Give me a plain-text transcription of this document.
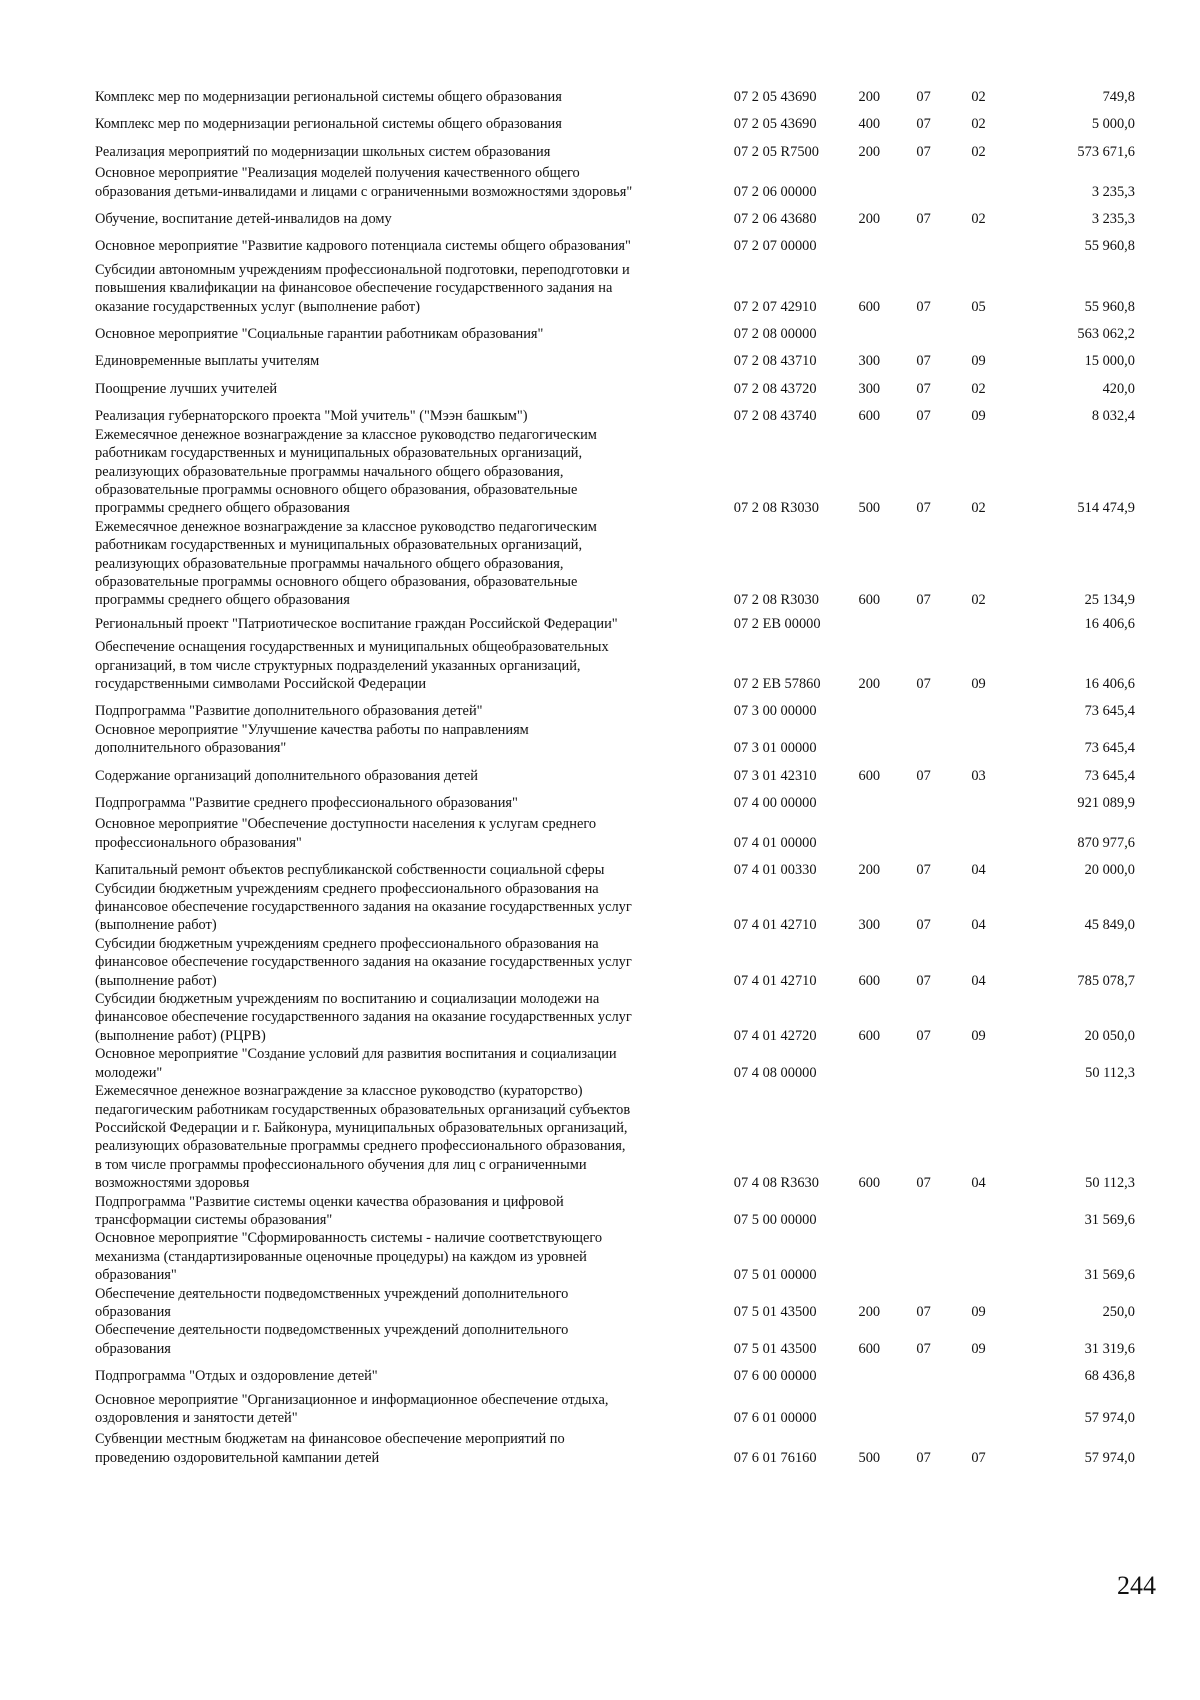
Комплекс мер по модернизации региональной системы общего образования	07 2 05 43690	200	07	02	749,8
Комплекс мер по модернизации региональной системы общего образования	07 2 05 43690	400	07	02	5 000,0
Реализация мероприятий по модернизации школьных систем образования	07 2 05 R7500	200	07	02	573 671,6
Основное мероприятие "Реализация моделей получения качественного общего
образования детьми-инвалидами и лицами с ограниченными возможностями здоровья"	07 2 06 00000	3 235,3
Обучение, воспитание детей-инвалидов на дому	07 2 06 43680	200	07	02	3 235,3
Основное мероприятие "Развитие кадрового потенциала системы общего образования"	07 2 07 00000	55 960,8
Субсидии автономным учреждениям профессиональной подготовки, переподготовки и
повышения квалификации на финансовое обеспечение государственного задания на
оказание государственных услуг (выполнение работ)	07 2 07 42910	600	07	05	55 960,8
Основное мероприятие "Социальные гарантии работникам образования"	07 2 08 00000	563 062,2
Единовременные выплаты учителям	07 2 08 43710	300	07	09	15 000,0
Поощрение лучших учителей	07 2 08 43720	300	07	02	420,0
Реализация губернаторского проекта "Мой учитель" ("Мээн башкым")	07 2 08 43740	600	07	09	8 032,4
Ежемесячное денежное вознаграждение за классное руководство педагогическим
работникам государственных и муниципальных образовательных организаций,
реализующих образовательные программы начального общего образования,
образовательные программы основного общего образования, образовательные
программы среднего общего образования	07 2 08 R3030	500	07	02	514 474,9
Ежемесячное денежное вознаграждение за классное руководство педагогическим
работникам государственных и муниципальных образовательных организаций,
реализующих образовательные программы начального общего образования,
образовательные программы основного общего образования, образовательные
программы среднего общего образования	07 2 08 R3030	600	07	02	25 134,9
Региональный проект "Патриотическое воспитание граждан Российской Федерации"	07 2 EB 00000	16 406,6
Обеспечение оснащения государственных и муниципальных общеобразовательных
организаций, в том числе структурных подразделений указанных организаций,
государственными символами Российской Федерации	07 2 EB 57860	200	07	09	16 406,6
Подпрограмма "Развитие дополнительного образования детей"	07 3 00 00000	73 645,4
Основное мероприятие "Улучшение качества работы по направлениям
дополнительного образования"	07 3 01 00000	73 645,4
Содержание организаций дополнительного образования детей	07 3 01 42310	600	07	03	73 645,4
Подпрограмма "Развитие среднего профессионального образования"	07 4 00 00000	921 089,9
Основное мероприятие "Обеспечение доступности населения к услугам среднего
профессионального образования"	07 4 01 00000	870 977,6
Капитальный ремонт объектов республиканской собственности социальной сферы	07 4 01 00330	200	07	04	20 000,0
Субсидии бюджетным учреждениям среднего профессионального образования на
финансовое обеспечение государственного задания на оказание государственных услуг
(выполнение работ)	07 4 01 42710	300	07	04	45 849,0
Субсидии бюджетным учреждениям среднего профессионального образования на
финансовое обеспечение государственного задания на оказание государственных услуг
(выполнение работ)	07 4 01 42710	600	07	04	785 078,7
Субсидии бюджетным учреждениям по воспитанию и социализации молодежи на
финансовое обеспечение государственного задания на оказание государственных услуг
(выполнение работ) (РЦРВ)	07 4 01 42720	600	07	09	20 050,0
Основное мероприятие "Создание условий для развития воспитания и социализации
молодежи"	07 4 08 00000	50 112,3
Ежемесячное денежное вознаграждение за классное руководство (кураторство)
педагогическим работникам государственных образовательных организаций субъектов
Российской Федерации и г. Байконура, муниципальных образовательных организаций,
реализующих образовательные программы среднего профессионального образования,
в том числе программы профессионального обучения для лиц с ограниченными
возможностями здоровья	07 4 08 R3630	600	07	04	50 112,3
Подпрограмма "Развитие системы оценки качества образования и цифровой
трансформации системы образования"	07 5 00 00000	31 569,6
Основное мероприятие "Сформированность системы - наличие соответствующего
механизма (стандартизированные оценочные процедуры) на каждом из уровней
образования"	07 5 01 00000	31 569,6
Обеспечение деятельности подведомственных учреждений дополнительного
образования	07 5 01 43500	200	07	09	250,0
Обеспечение деятельности подведомственных учреждений дополнительного
образования	07 5 01 43500	600	07	09	31 319,6
Подпрограмма "Отдых и оздоровление детей"	07 6 00 00000	68 436,8
Основное мероприятие "Организационное и информационное обеспечение отдыха,
оздоровления и занятости детей"	07 6 01 00000	57 974,0
Субвенции местным бюджетам на финансовое обеспечение мероприятий по
проведению оздоровительной кампании детей	07 6 01 76160	500	07	07	57 974,0
244
